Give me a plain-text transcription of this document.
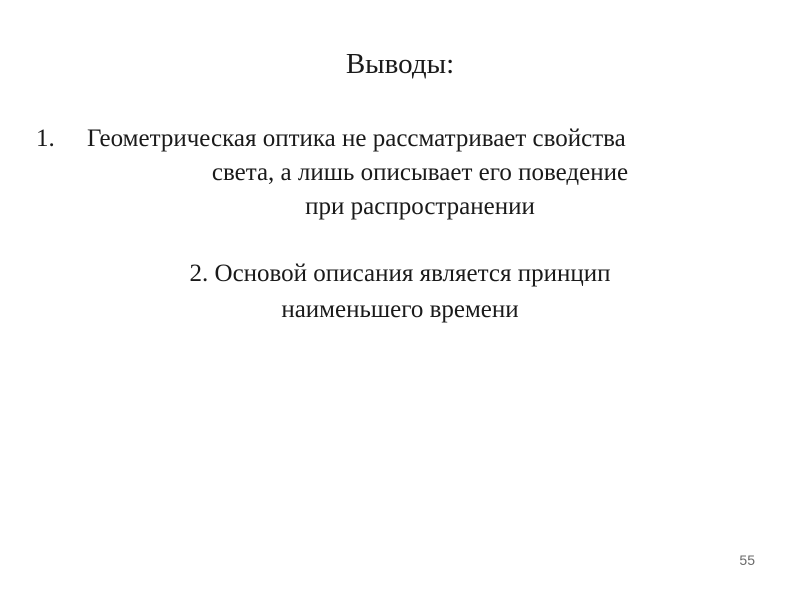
Выводы:
1.	Геометрическая оптика не рассматривает свойства
света, а лишь описывает его поведение
при распространении
2. Основой описания является принцип
наименьшего времени
55
